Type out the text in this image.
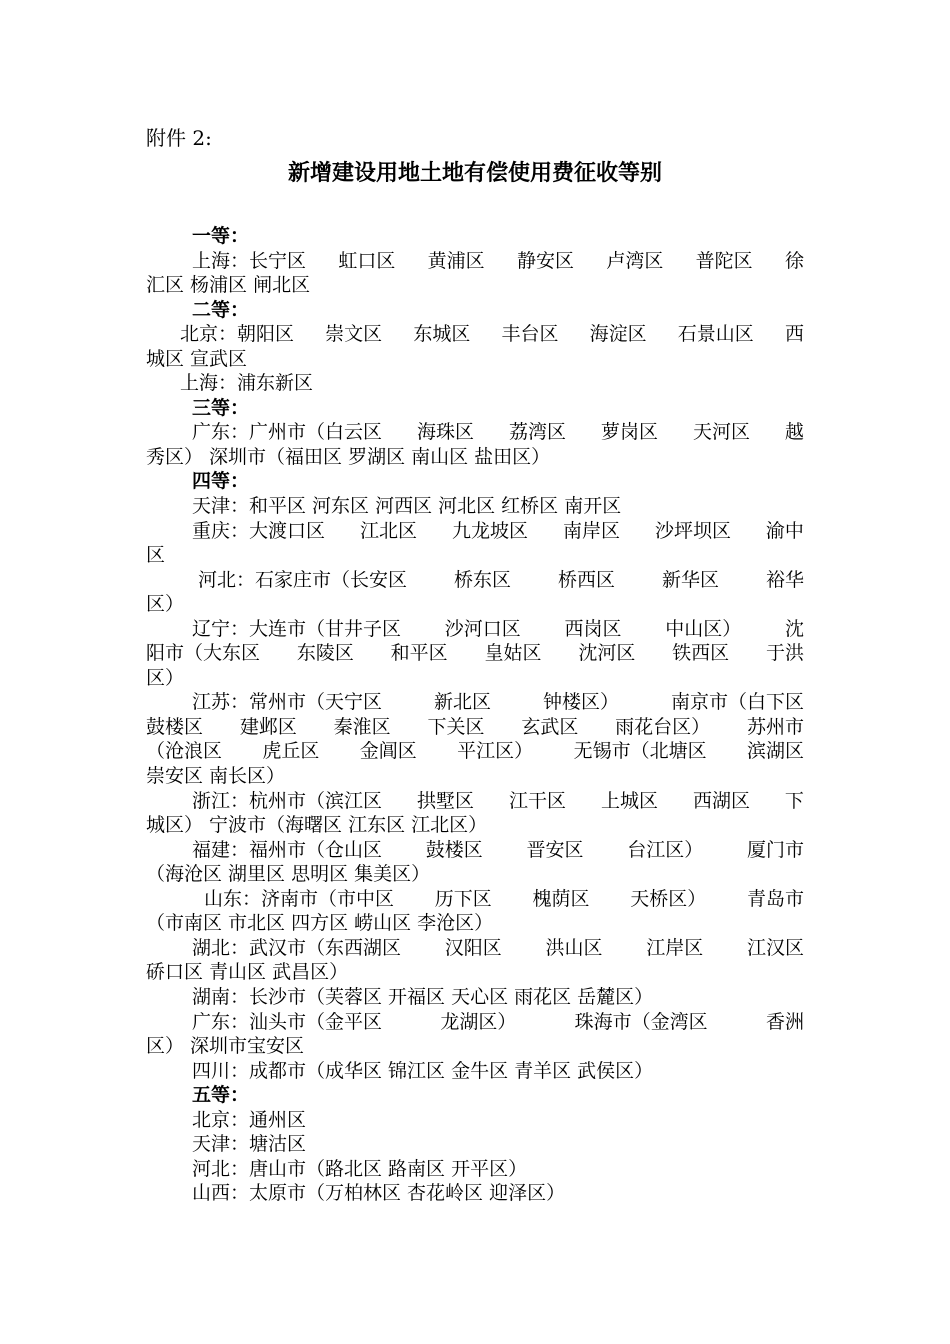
附件 2:
新增建设用地土地有偿使用费征收等别
一等：
上海：长宁区 虹口区 黄浦区 静安区 卢湾区 普陀区 徐
汇区 杨浦区 闸北区
二等：
北京：朝阳区 崇文区 东城区 丰台区 海淀区 石景山区 西
城区 宣武区
上海：浦东新区
三等：
广东：广州市（白云区 海珠区 荔湾区 萝岗区 天河区 越
秀区） 深圳市（福田区 罗湖区 南山区 盐田区）
四等：
天津：和平区 河东区 河西区 河北区 红桥区 南开区
重庆：大渡口区 江北区 九龙坡区 南岸区 沙坪坝区 渝中
区
河北：石家庄市（长安区 桥东区 桥西区 新华区 裕华
区）
辽宁：大连市（甘井子区 沙河口区 西岗区 中山区） 沈
阳市（大东区 东陵区 和平区 皇姑区 沈河区 铁西区 于洪
区）
江苏：常州市（天宁区	新北区	钟楼区）	南京市（白下区
鼓楼区 建邺区 秦淮区 下关区 玄武区 雨花台区） 苏州市
（沧浪区 虎丘区 金阊区 平江区） 无锡市（北塘区 滨湖区
崇安区 南长区）
浙江：杭州市（滨江区 拱墅区 江干区 上城区 西湖区 下
城区） 宁波市（海曙区 江东区 江北区）
福建：福州市（仓山区 鼓楼区 晋安区 台江区） 厦门市
（海沧区 湖里区 思明区 集美区）
山东：济南市（市中区 历下区 槐荫区 天桥区） 青岛市
（市南区 市北区 四方区 崂山区 李沧区）
湖北：武汉市（东西湖区 汉阳区 洪山区 江岸区 江汉区
硚口区 青山区 武昌区）
湖南：长沙市（芙蓉区 开福区 天心区 雨花区 岳麓区）
广东：汕头市（金平区	龙湖区）	珠海市（金湾区	香洲
区） 深圳市宝安区
四川：成都市（成华区 锦江区 金牛区 青羊区 武侯区）
五等：
北京：通州区
天津：塘沽区
河北：唐山市（路北区 路南区 开平区）
山西：太原市（万柏林区 杏花岭区 迎泽区）
